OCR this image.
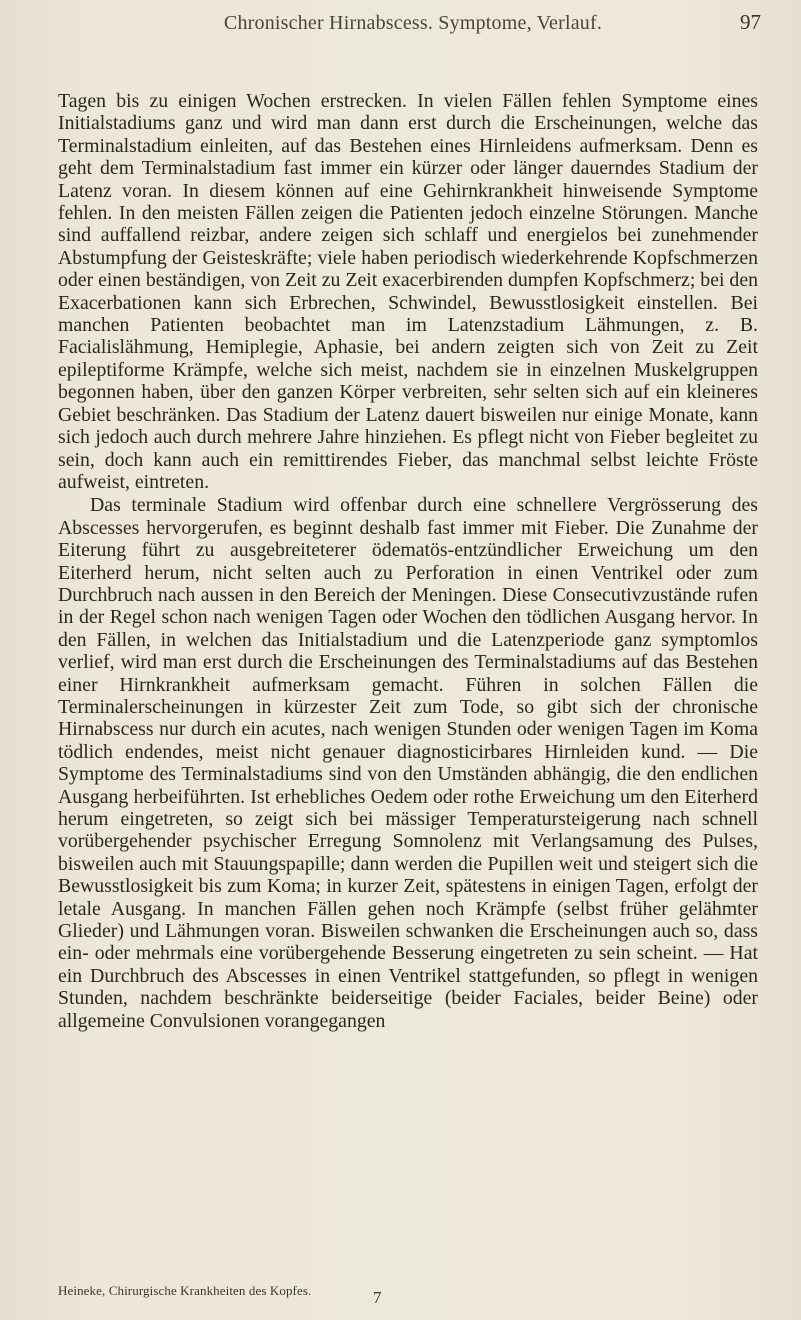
Chronischer Hirnabscess. Symptome, Verlauf.	97

Tagen bis zu einigen Wochen erstrecken. In vielen Fällen fehlen Symptome eines Initialstadiums ganz und wird man dann erst durch die Erscheinungen, welche das Terminalstadium einleiten, auf das Bestehen eines Hirnleidens aufmerksam. Denn es geht dem Terminalstadium fast immer ein kürzer oder länger dauerndes Stadium der Latenz voran. In diesem können auf eine Gehirnkrankheit hinweisende Symptome fehlen. In den meisten Fällen zeigen die Patienten jedoch einzelne Störungen. Manche sind auffallend reizbar, andere zeigen sich schlaff und energielos bei zunehmender Abstumpfung der Geisteskräfte; viele haben periodisch wiederkehrende Kopfschmerzen oder einen beständigen, von Zeit zu Zeit exacerbirenden dumpfen Kopfschmerz; bei den Exacerbationen kann sich Erbrechen, Schwindel, Bewusstlosigkeit einstellen. Bei manchen Patienten beobachtet man im Latenzstadium Lähmungen, z. B. Facialislähmung, Hemiplegie, Aphasie, bei andern zeigten sich von Zeit zu Zeit epileptiforme Krämpfe, welche sich meist, nachdem sie in einzelnen Muskelgruppen begonnen haben, über den ganzen Körper verbreiten, sehr selten sich auf ein kleineres Gebiet beschränken. Das Stadium der Latenz dauert bisweilen nur einige Monate, kann sich jedoch auch durch mehrere Jahre hinziehen. Es pflegt nicht von Fieber begleitet zu sein, doch kann auch ein remittirendes Fieber, das manchmal selbst leichte Fröste aufweist, eintreten.

Das terminale Stadium wird offenbar durch eine schnellere Vergrösserung des Abscesses hervorgerufen, es beginnt deshalb fast immer mit Fieber. Die Zunahme der Eiterung führt zu ausgebreiteterer ödematös-entzündlicher Erweichung um den Eiterherd herum, nicht selten auch zu Perforation in einen Ventrikel oder zum Durchbruch nach aussen in den Bereich der Meningen. Diese Consecutivzustände rufen in der Regel schon nach wenigen Tagen oder Wochen den tödlichen Ausgang hervor. In den Fällen, in welchen das Initialstadium und die Latenzperiode ganz symptomlos verlief, wird man erst durch die Erscheinungen des Terminalstadiums auf das Bestehen einer Hirnkrankheit aufmerksam gemacht. Führen in solchen Fällen die Terminalerscheinungen in kürzester Zeit zum Tode, so gibt sich der chronische Hirnabscess nur durch ein acutes, nach wenigen Stunden oder wenigen Tagen im Koma tödlich endendes, meist nicht genauer diagnosticirbares Hirnleiden kund. — Die Symptome des Terminalstadiums sind von den Umständen abhängig, die den endlichen Ausgang herbeiführten. Ist erhebliches Oedem oder rothe Erweichung um den Eiterherd herum eingetreten, so zeigt sich bei mässiger Temperatursteigerung nach schnell vorübergehender psychischer Erregung Somnolenz mit Verlangsamung des Pulses, bisweilen auch mit Stauungspapille; dann werden die Pupillen weit und steigert sich die Bewusstlosigkeit bis zum Koma; in kurzer Zeit, spätestens in einigen Tagen, erfolgt der letale Ausgang. In manchen Fällen gehen noch Krämpfe (selbst früher gelähmter Glieder) und Lähmungen voran. Bisweilen schwanken die Erscheinungen auch so, dass ein- oder mehrmals eine vorübergehende Besserung eingetreten zu sein scheint. — Hat ein Durchbruch des Abscesses in einen Ventrikel stattgefunden, so pflegt in wenigen Stunden, nachdem beschränkte beiderseitige (beider Faciales, beider Beine) oder allgemeine Convulsionen vorangegangen

Heineke, Chirurgische Krankheiten des Kopfes.	7
